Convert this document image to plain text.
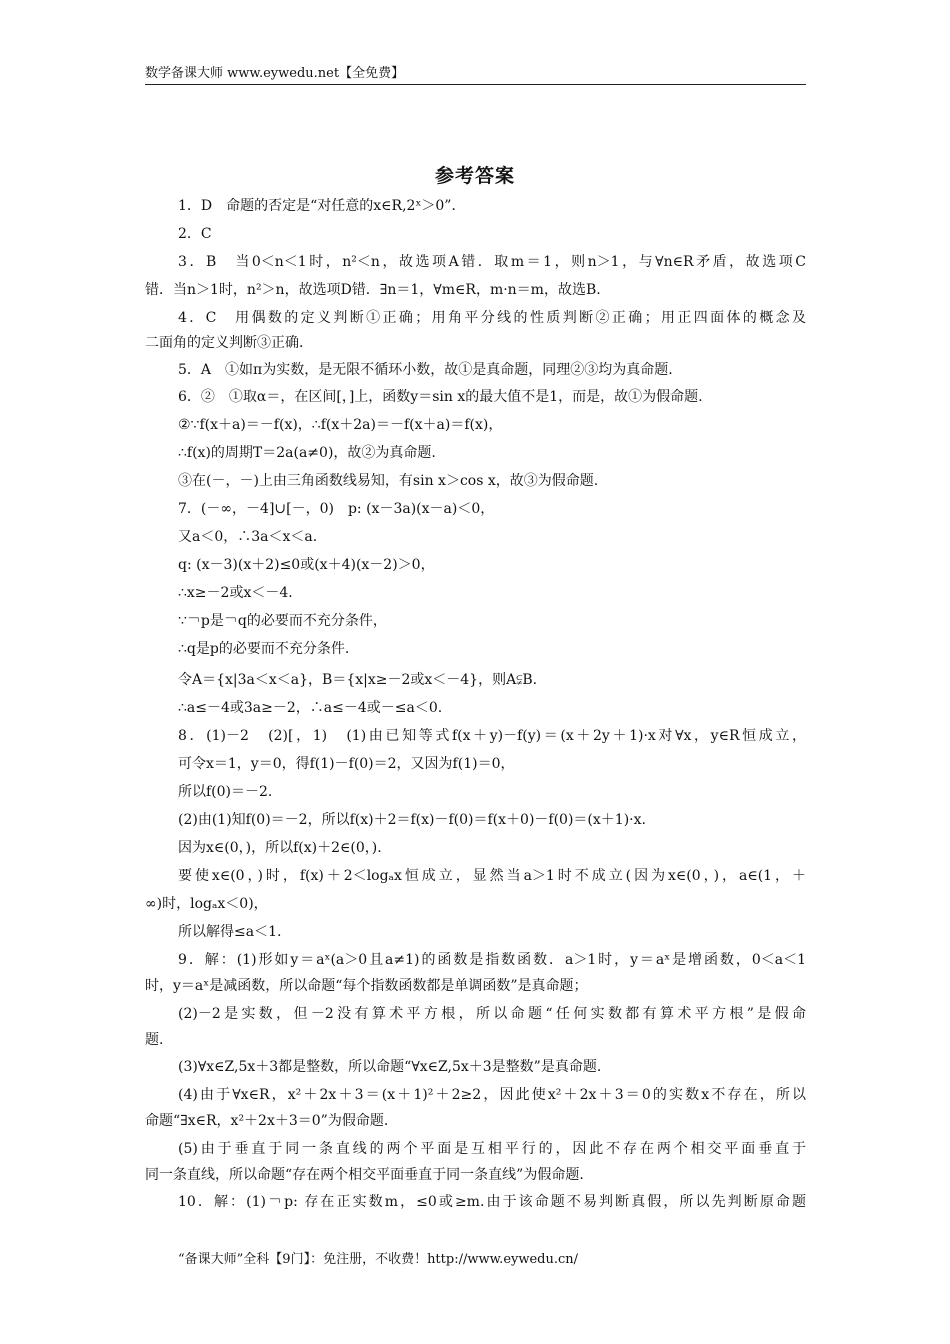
数学备课大师 www.eywedu.net【全免费】
参考答案
1．D　命题的否定是“对任意的x∈R,2ˣ＞0”．
2．C
3．B　当0＜n＜1时，n²＜n，故选项A错．取m＝1，则n＞1，与∀n∈R矛盾，故选项C
错．当n＞1时，n²＞n，故选项D错．∃n＝1，∀m∈R，m·n＝m，故选B.
4．C　用偶数的定义判断①正确；用角平分线的性质判断②正确；用正四面体的概念及
二面角的定义判断③正确．
5．A　①如π为实数，是无限不循环小数，故①是真命题，同理②③均为真命题.
6．②　①取α＝，在区间[，]上，函数y＝sin x的最大值不是1，而是，故①为假命题.
②∵f(x＋a)＝－f(x)，∴f(x＋2a)＝－f(x＋a)＝f(x)，
∴f(x)的周期T＝2a(a≠0)，故②为真命题.
③在(－，－)上由三角函数线易知，有sin x＞cos x，故③为假命题.
7．(－∞，－4]∪[－，0)　p: (x－3a)(x－a)＜0，
又a＜0，∴3a＜x＜a.
q: (x－3)(x＋2)≤0或(x＋4)(x－2)＞0，
∴x≥－2或x＜－4.
∵￢p是￢q的必要而不充分条件，
∴q是p的必要而不充分条件.
令A＝{x|3a＜x＜a}，B＝{x|x≥－2或x＜－4}，则A⫋B.
∴a≤－4或3a≥－2，∴a≤－4或－≤a＜0.
8．(1)－2　(2)[，1)　(1)由已知等式f(x＋y)－f(y)＝(x＋2y＋1)·x对∀x，y∈R恒成立，
可令x＝1，y＝0，得f(1)－f(0)＝2，又因为f(1)＝0，
所以f(0)＝－2.
(2)由(1)知f(0)＝－2，所以f(x)＋2＝f(x)－f(0)＝f(x＋0)－f(0)＝(x＋1)·x.
因为x∈(0，)，所以f(x)＋2∈(0，).
要使x∈(0，)时，f(x)＋2＜logₐx恒成立，显然当a＞1时不成立(因为x∈(0，)，a∈(1，＋
∞)时，logₐx＜0)，
所以解得≤a＜1.
9．解：(1)形如y＝aˣ(a＞0且a≠1)的函数是指数函数．a＞1时，y＝aˣ是增函数，0＜a＜1
时，y＝aˣ是减函数，所以命题“每个指数函数都是单调函数”是真命题；
(2)－2是实数，但－2没有算术平方根，所以命题“任何实数都有算术平方根”是假命
题.
(3)∀x∈Z,5x＋3都是整数，所以命题“∀x∈Z,5x＋3是整数”是真命题.
(4)由于∀x∈R，x²＋2x＋3＝(x＋1)²＋2≥2，因此使x²＋2x＋3＝0的实数x不存在，所以
命题“∃x∈R，x²＋2x＋3＝0”为假命题.
(5)由于垂直于同一条直线的两个平面是互相平行的，因此不存在两个相交平面垂直于
同一条直线，所以命题“存在两个相交平面垂直于同一条直线”为假命题.
10．解：(1)￢p: 存在正实数m，≤0或≥m.由于该命题不易判断真假，所以先判断原命题
“备课大师”全科【9门】：免注册，不收费！http://www.eywedu.cn/
